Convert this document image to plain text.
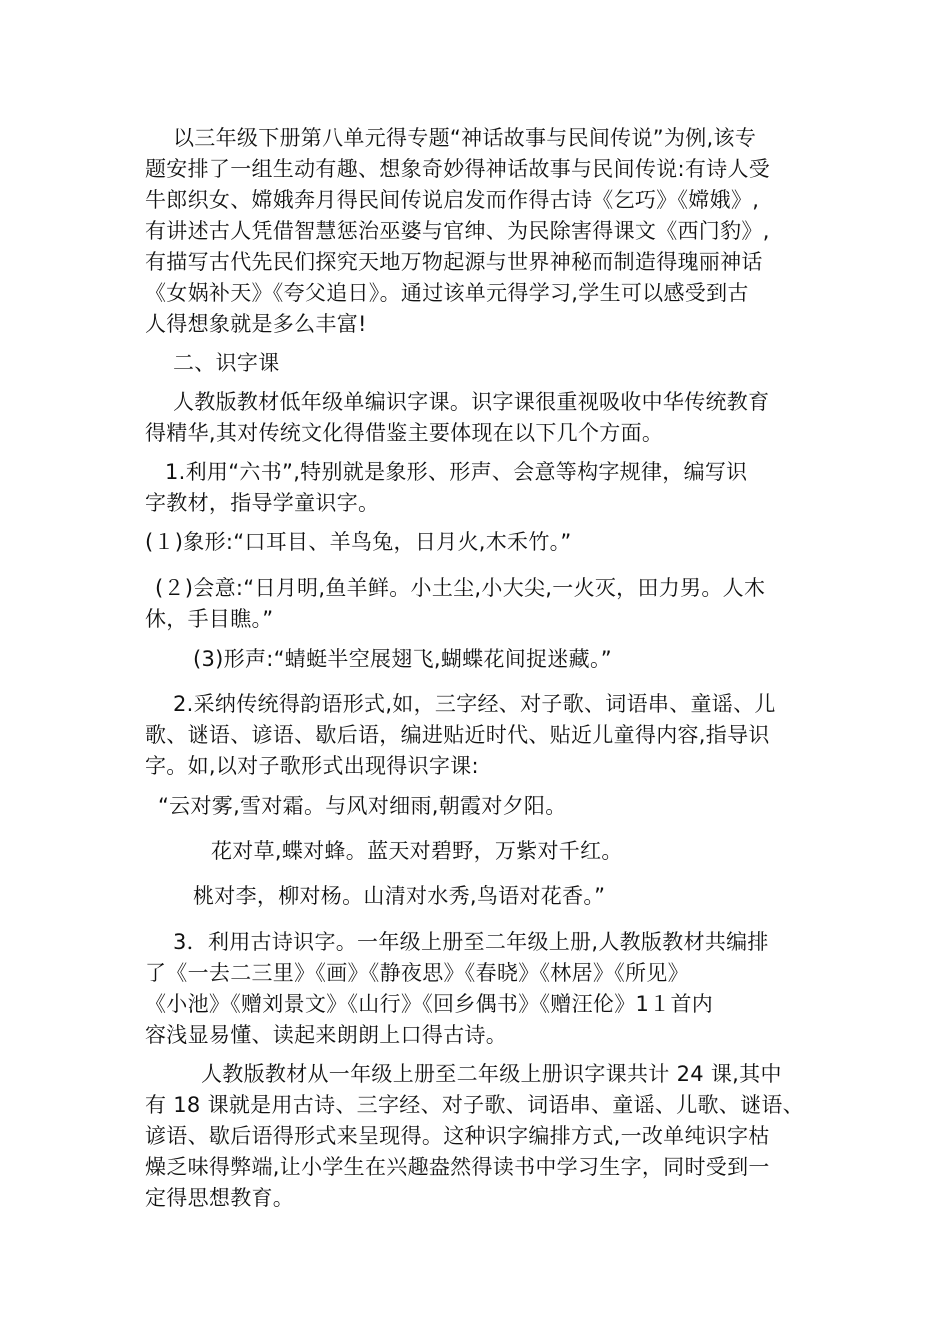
以三年级下册第八单元得专题“神话故事与民间传说”为例,该专
题安排了一组生动有趣、想象奇妙得神话故事与民间传说:有诗人受
牛郎织女、嫦娥奔月得民间传说启发而作得古诗《乞巧》《嫦娥》,
有讲述古人凭借智慧惩治巫婆与官绅、为民除害得课文《西门豹》,
有描写古代先民们探究天地万物起源与世界神秘而制造得瑰丽神话
《女娲补天》《夸父追日》。通过该单元得学习,学生可以感受到古
人得想象就是多么丰富!
二、识字课
人教版教材低年级单编识字课。识字课很重视吸收中华传统教育
得精华,其对传统文化得借鉴主要体现在以下几个方面。
1.利用“六书”,特别就是象形、形声、会意等构字规律，编写识
字教材，指导学童识字。
(１)象形:“口耳目、羊鸟兔，日月火,木禾竹。”
(２)会意:“日月明,鱼羊鲜。小土尘,小大尖,一火灭，田力男。人木
休，手目瞧。”
(3)形声:“蜻蜓半空展翅飞,蝴蝶花间捉迷藏。”
2.采纳传统得韵语形式,如，三字经、对子歌、词语串、童谣、儿
歌、谜语、谚语、歇后语，编进贴近时代、贴近儿童得内容,指导识
字。如,以对子歌形式出现得识字课:
“云对雾,雪对霜。与风对细雨,朝霞对夕阳。
花对草,蝶对蜂。蓝天对碧野，万紫对千红。
桃对李，柳对杨。山清对水秀,鸟语对花香。”
3．利用古诗识字。一年级上册至二年级上册,人教版教材共编排
了《一去二三里》《画》《静夜思》《春晓》《林居》《所见》
《小池》《赠刘景文》《山行》《回乡偶书》《赠汪伦》1１首内
容浅显易懂、读起来朗朗上口得古诗。
人教版教材从一年级上册至二年级上册识字课共计 24 课,其中
有 18 课就是用古诗、三字经、对子歌、词语串、童谣、儿歌、谜语、
谚语、歇后语得形式来呈现得。这种识字编排方式,一改单纯识字枯
燥乏味得弊端,让小学生在兴趣盎然得读书中学习生字，同时受到一
定得思想教育。
